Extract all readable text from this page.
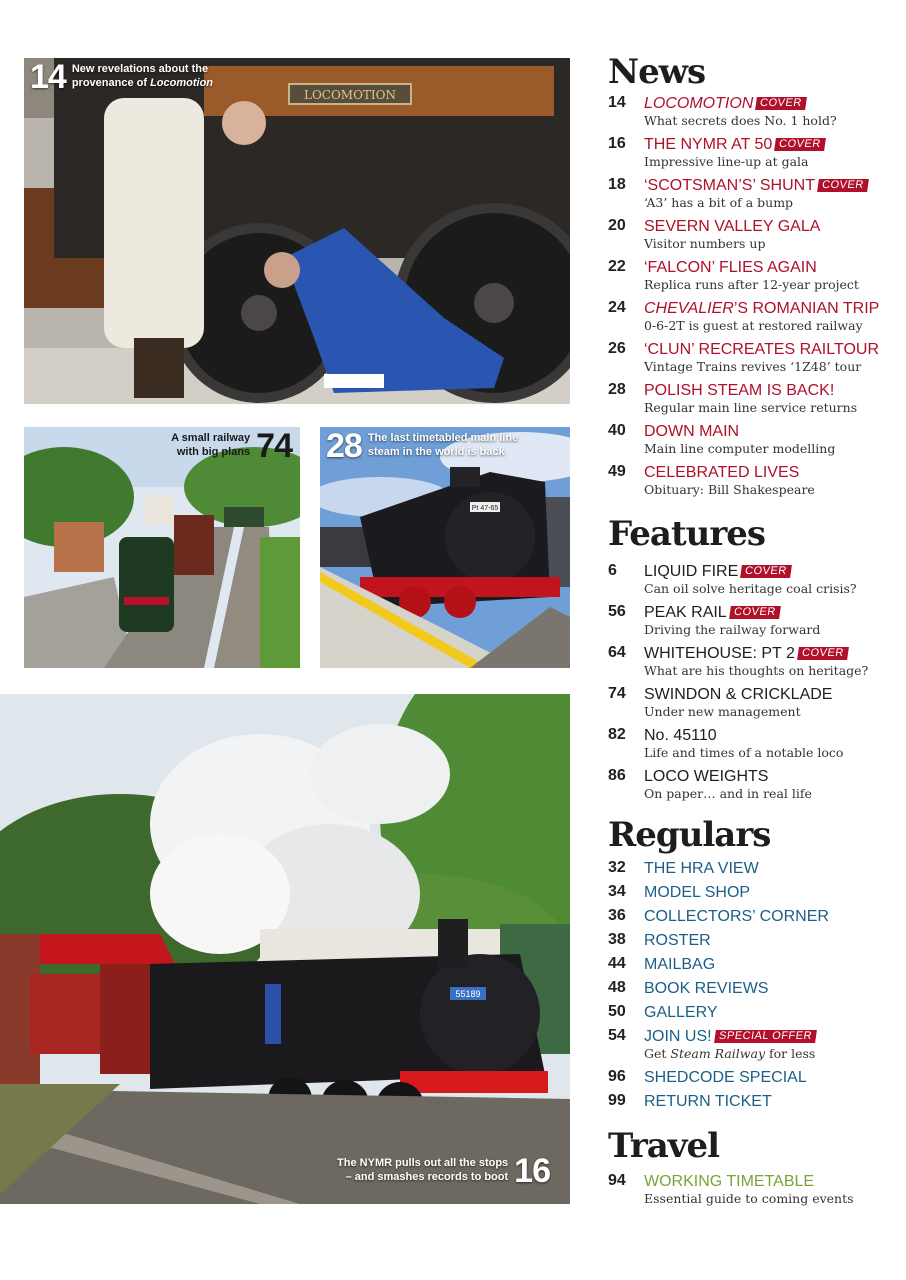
LOCOMOTION
14 New revelations about the provenance of Locomotion
A small railway
with big plans 74
Pt 47-65
28 The last timetabled main line
steam in the world is back
55189
The NYMR pulls out all the stops
– and smashes records to boot 16
News
14 LOCOMOTION COVER
What secrets does No. 1 hold?
16 THE NYMR AT 50 COVER
Impressive line-up at gala
18 ‘SCOTSMAN’S’ SHUNT COVER
‘A3’ has a bit of a bump
20 SEVERN VALLEY GALA
Visitor numbers up
22 ‘FALCON’ FLIES AGAIN
Replica runs after 12-year project
24 CHEVALIER’S ROMANIAN TRIP
0-6-2T is guest at restored railway
26 ‘CLUN’ RECREATES RAILTOUR
Vintage Trains revives ‘1Z48’ tour
28 POLISH STEAM IS BACK!
Regular main line service returns
40 DOWN MAIN
Main line computer modelling
49 CELEBRATED LIVES
Obituary: Bill Shakespeare
Features
6 LIQUID FIRE COVER
Can oil solve heritage coal crisis?
56 PEAK RAIL COVER
Driving the railway forward
64 WHITEHOUSE: PT 2 COVER
What are his thoughts on heritage?
74 SWINDON & CRICKLADE
Under new management
82 No. 45110
Life and times of a notable loco
86 LOCO WEIGHTS
On paper… and in real life
Regulars
32 THE HRA VIEW
34 MODEL SHOP
36 COLLECTORS’ CORNER
38 ROSTER
44 MAILBAG
48 BOOK REVIEWS
50 GALLERY
54 JOIN US! SPECIAL OFFER
Get Steam Railway for less
96 SHEDCODE SPECIAL
99 RETURN TICKET
Travel
94 WORKING TIMETABLE
Essential guide to coming events
